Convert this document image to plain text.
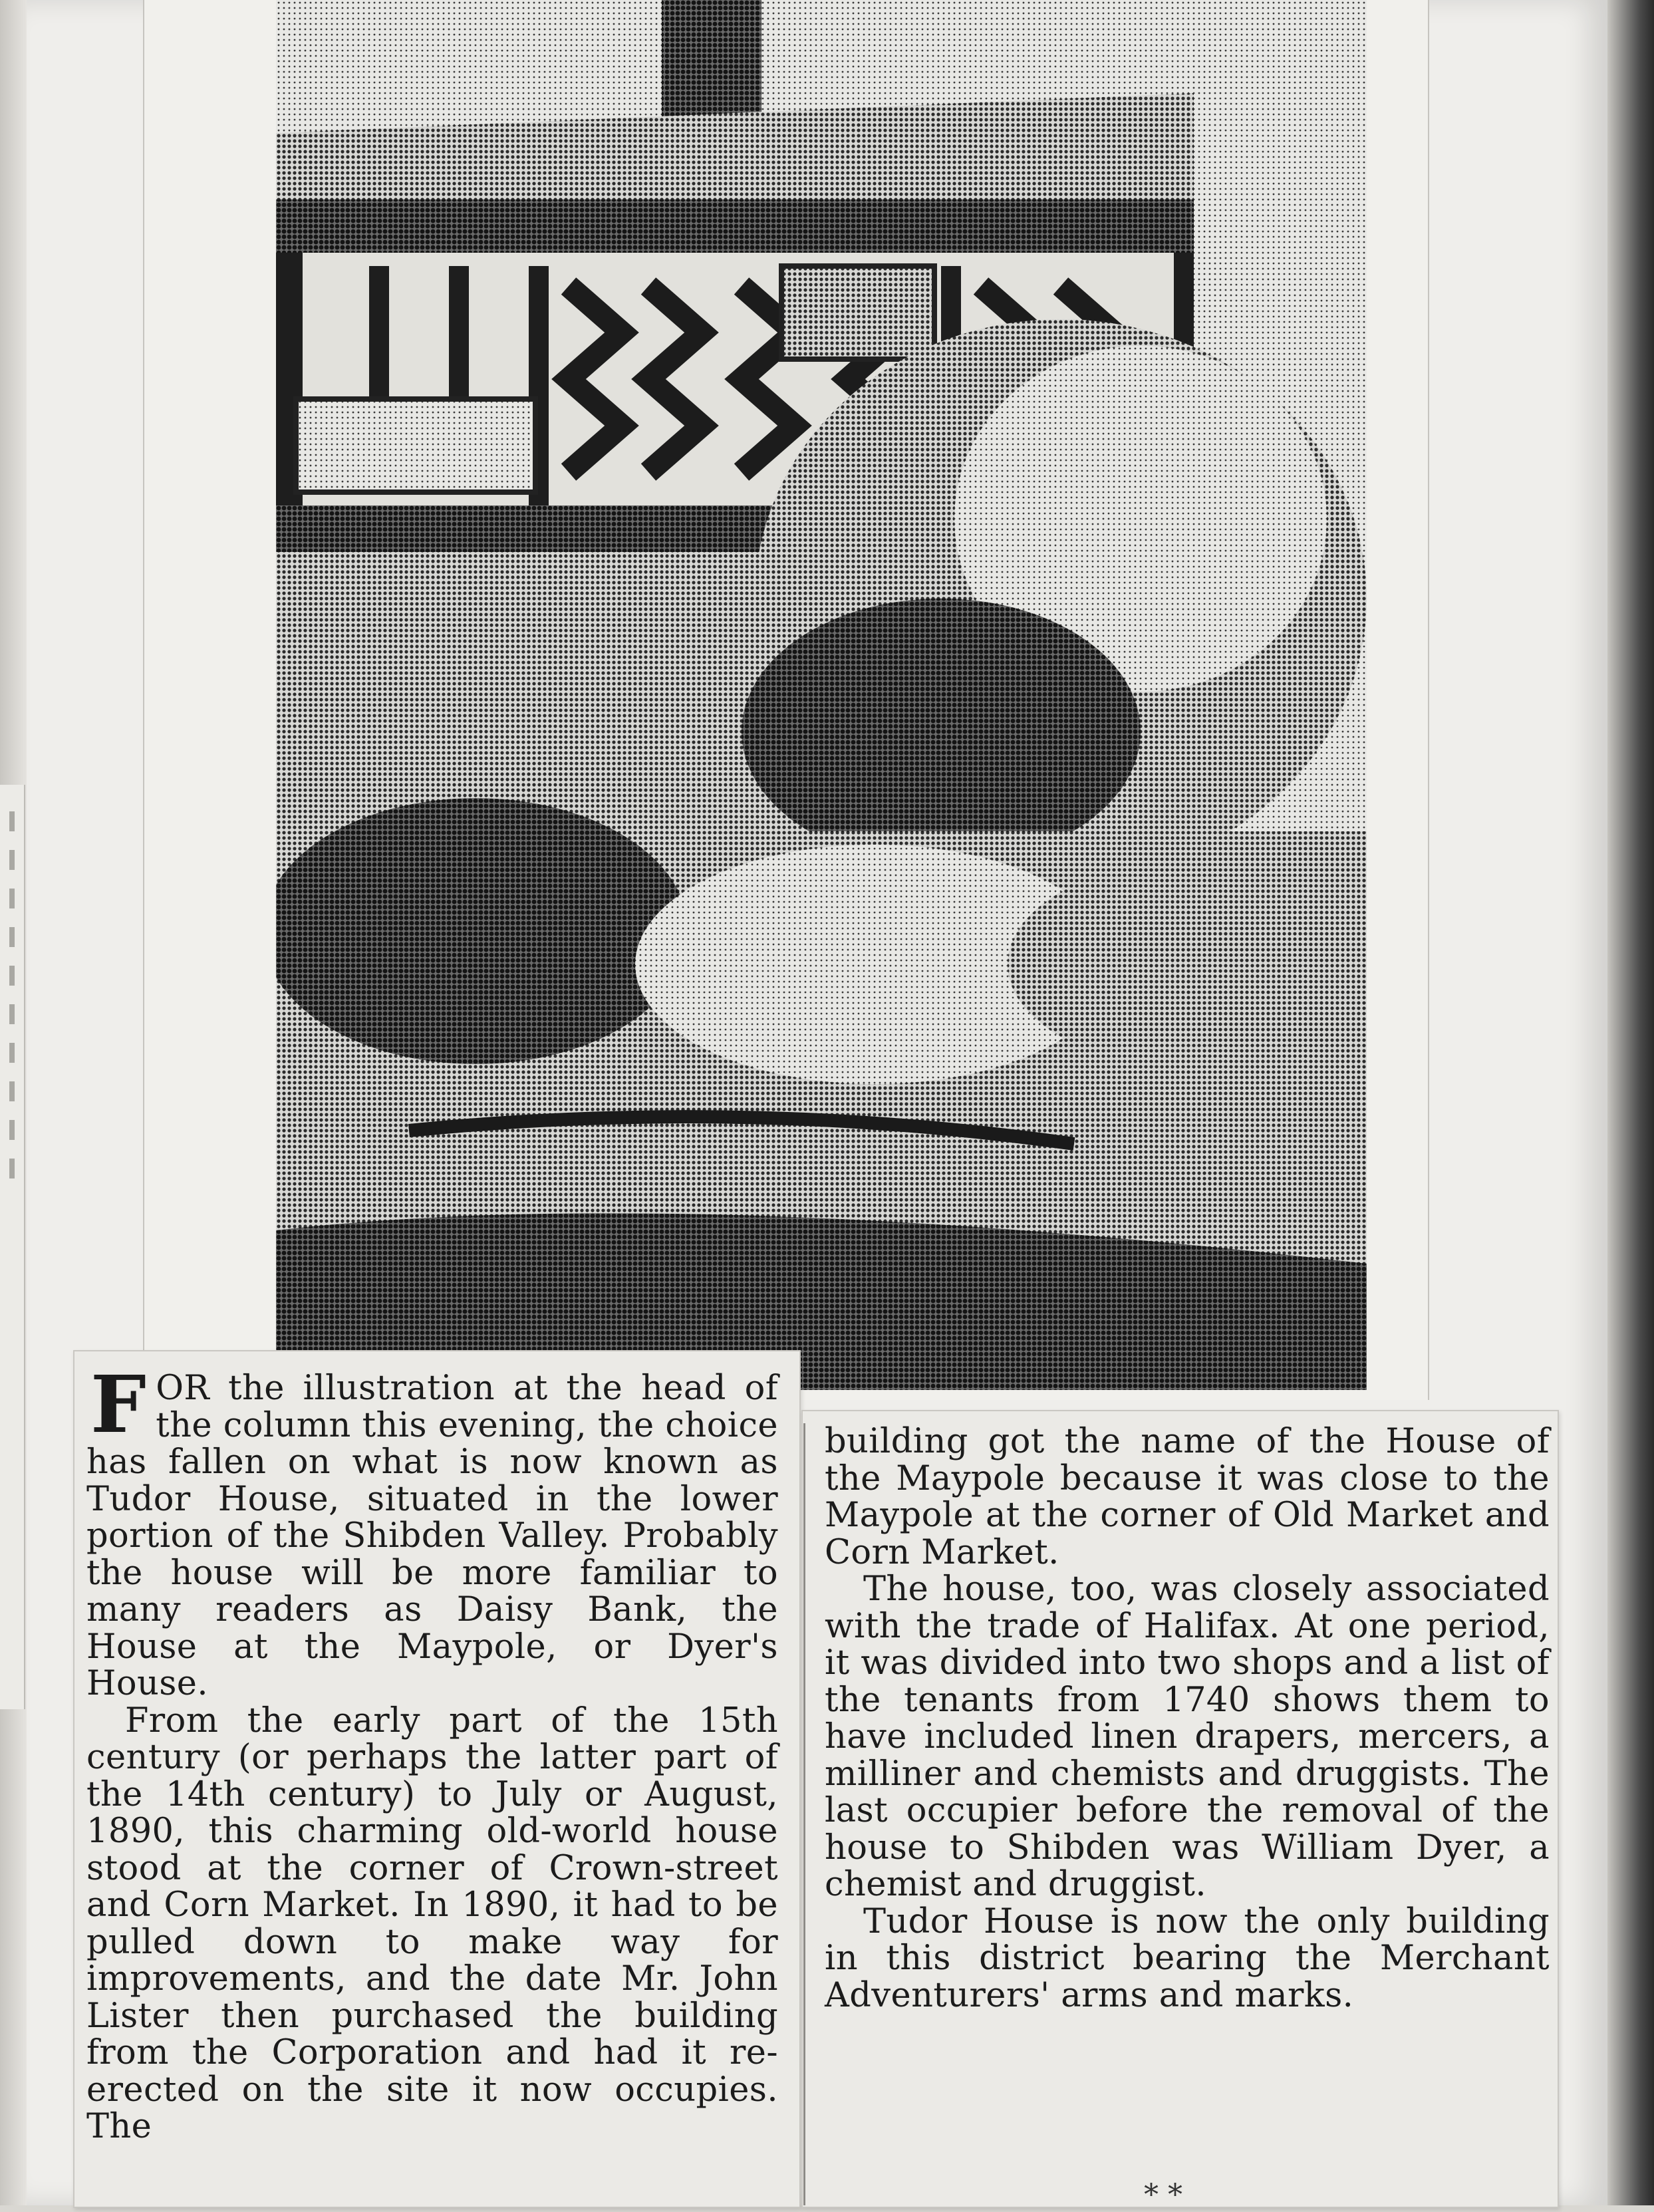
FOR the illustration at the head of the column this evening, the choice has fallen on what is now known as Tudor House, situated in the lower portion of the Shibden Valley. Probably the house will be more familiar to many readers as Daisy Bank, the House at the Maypole, or Dyer's House.

From the early part of the 15th century (or perhaps the latter part of the 14th century) to July or August, 1890, this charming old-world house stood at the corner of Crown-street and Corn Market. In 1890, it had to be pulled down to make way for improvements, and the date Mr. John Lister then purchased the building from the Corporation and had it re-erected on the site it now occupies. The

building got the name of the House of the Maypole because it was close to the Maypole at the corner of Old Market and Corn Market.

The house, too, was closely associated with the trade of Halifax. At one period, it was divided into two shops and a list of the tenants from 1740 shows them to have included linen drapers, mercers, a milliner and chemists and druggists. The last occupier before the removal of the house to Shibden was William Dyer, a chemist and druggist.

Tudor House is now the only building in this district bearing the Merchant Adventurers' arms and marks.

* *
